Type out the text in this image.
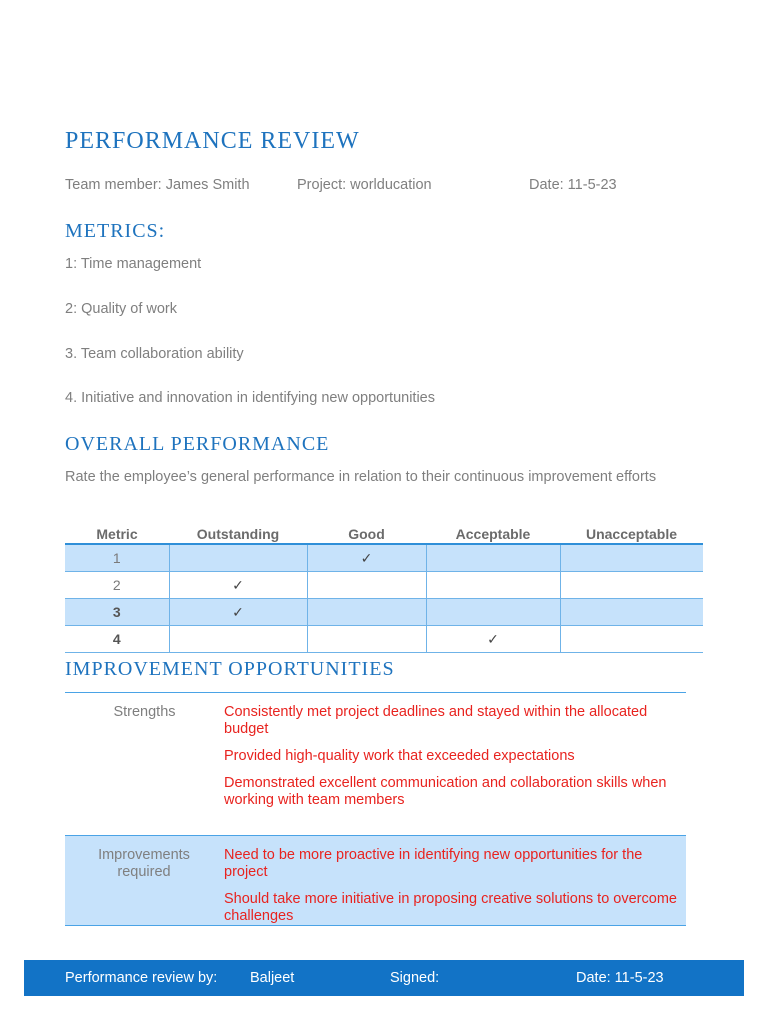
PERFORMANCE REVIEW
Team member: James Smith	Project: worlducation	Date: 11-5-23
METRICS:
1: Time management
2: Quality of work
3. Team collaboration ability
4. Initiative and innovation in identifying new opportunities
OVERALL PERFORMANCE
Rate the employee’s general performance in relation to their continuous improvement efforts
Metric	Outstanding	Good	Acceptable	Unacceptable
1		✓		
2	✓			
3	✓			
4			✓	
IMPROVEMENT OPPORTUNITIES
Strengths	Consistently met project deadlines and stayed within the allocated budget

Provided high-quality work that exceeded expectations

Demonstrated excellent communication and collaboration skills when working with team members

Improvements required	Need to be more proactive in identifying new opportunities for the project

Should take more initiative in proposing creative solutions to overcome challenges

Performance review by: Baljeet	Signed:	Date: 11-5-23
